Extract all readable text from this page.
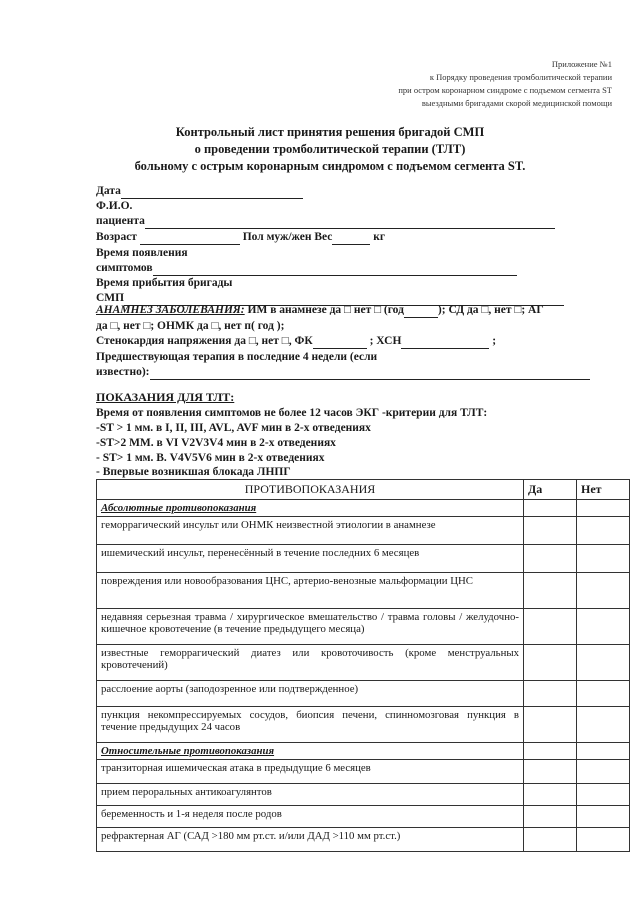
Приложение №1
к Порядку проведения тромболитической терапии
при остром коронарном синдроме с подъемом сегмента ST
выездными бригадами скорой медицинской помощи
Контрольный лист принятия решения бригадой СМП
о проведении тромболитической терапии (ТЛТ)
больному с острым коронарным синдромом с подъемом сегмента ST.
Дата
Ф.И.О.
пациента
Возраст	Пол муж/жен Вес	кг
Время появления
симптомов
Время прибытия бригады
СМП
АНАМНЕЗ ЗАБОЛЕВАНИЯ: ИМ в анамнезе да □ нет □ (год	); СД да □, нет □; АГ
да □, нет □; ОНМК да □, нет п( год );
Стенокардия напряжения да □, нет □, ФК	; ХСН	;
Предшествующая терапия в последние 4 недели (если
известно):
ПОКАЗАНИЯ ДЛЯ ТЛТ:
Время от появления симптомов не более 12 часов ЭКГ -критерии для ТЛТ:
-ST > 1 мм. в I, II, III, AVL, AVF мин в 2-х отведениях
-ST>2 ММ. в VI V2V3V4 мин в 2-х отведениях
- ST> 1 мм. В. V4V5V6 мин в 2-х отведениях
- Впервые возникшая блокада ЛНПГ
ПРОТИВОПОКАЗАНИЯ	Да	Нет
Абсолютные противопоказания		
геморрагический инсульт или ОНМК неизвестной этиологии в анамнезе		
ишемический инсульт, перенесённый в течение последних 6 месяцев		
повреждения или новообразования ЦНС, артерио-венозные мальформации ЦНС		
недавняя серьезная травма / хирургическое вмешательство / травма головы / желудочно-кишечное кровотечение (в течение предыдущего месяца)		
известные геморрагический диатез или кровоточивость (кроме менструальных кровотечений)		
расслоение аорты (заподозренное или подтвержденное)		
пункция некомпрессируемых сосудов, биопсия печени, спинномозговая пункция в течение предыдущих 24 часов		
Относительные противопоказания		
транзиторная ишемическая атака в предыдущие 6 месяцев		
прием пероральных антикоагулянтов		
беременность и 1-я неделя после родов		
рефрактерная АГ (САД >180 мм рт.ст. и/или ДАД >110 мм рт.ст.)		
